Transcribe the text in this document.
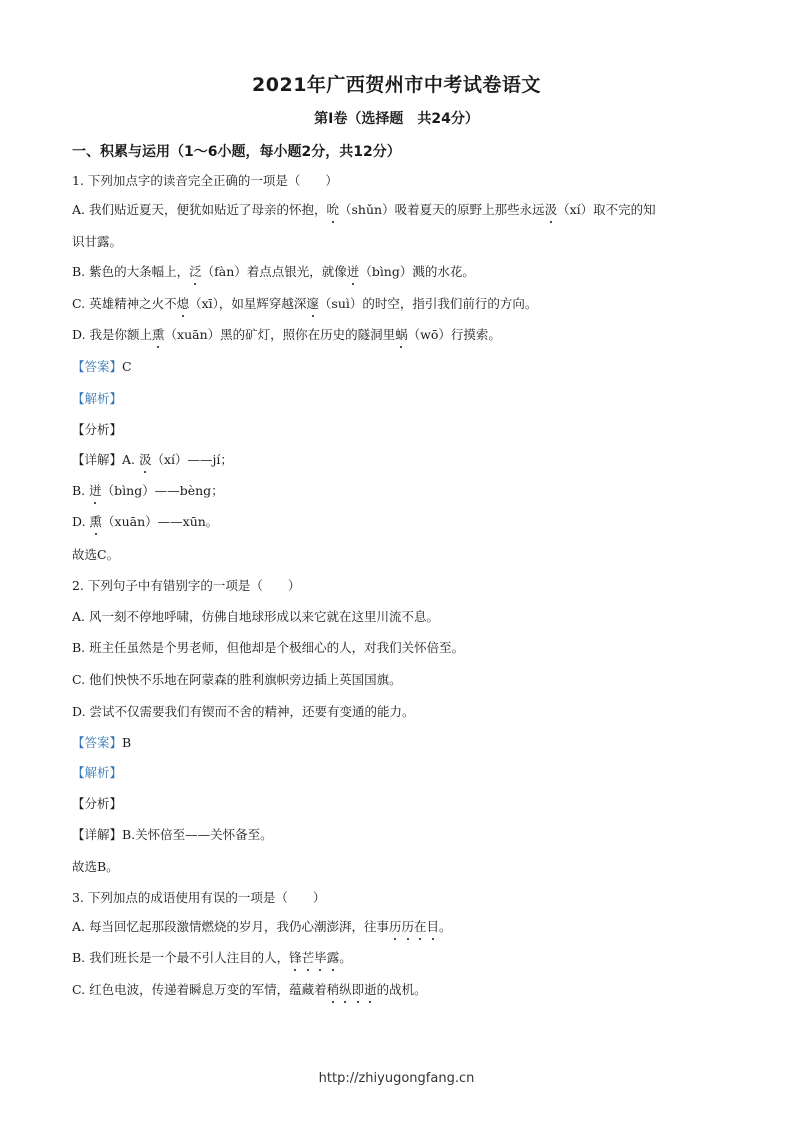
2021年广西贺州市中考试卷语文
第Ⅰ卷（选择题　共24分）
一、积累与运用（1～6小题，每小题2分，共12分）
1. 下列加点字的读音完全正确的一项是（　　）
A. 我们贴近夏天，便犹如贴近了母亲的怀抱，吮（shǔn）吸着夏天的原野上那些永远汲（xí）取不完的知
识甘露。
B. 紫色的大条幅上，泛（fàn）着点点银光，就像迸（bìng）溅的水花。
C. 英雄精神之火不熄（xī），如星辉穿越深邃（suì）的时空，指引我们前行的方向。
D. 我是你额上熏（xuān）黑的矿灯，照你在历史的隧洞里蜗（wō）行摸索。
【答案】C
【解析】
【分析】
【详解】A. 汲（xí）——jí；
B. 迸（bìng）——bèng；
D. 熏（xuān）——xūn。
故选C。
2. 下列句子中有错别字的一项是（　　）
A. 风一刻不停地呼啸，仿佛自地球形成以来它就在这里川流不息。
B. 班主任虽然是个男老师，但他却是个极细心的人，对我们关怀倍至。
C. 他们怏怏不乐地在阿蒙森的胜利旗帜旁边插上英国国旗。
D. 尝试不仅需要我们有锲而不舍的精神，还要有变通的能力。
【答案】B
【解析】
【分析】
【详解】B.关怀倍至——关怀备至。
故选B。
3. 下列加点的成语使用有误的一项是（　　）
A. 每当回忆起那段激情燃烧的岁月，我仍心潮澎湃，往事历历在目。
B. 我们班长是一个最不引人注目的人，锋芒毕露。
C. 红色电波，传递着瞬息万变的军情，蕴藏着稍纵即逝的战机。
http://zhiyugongfang.cn
